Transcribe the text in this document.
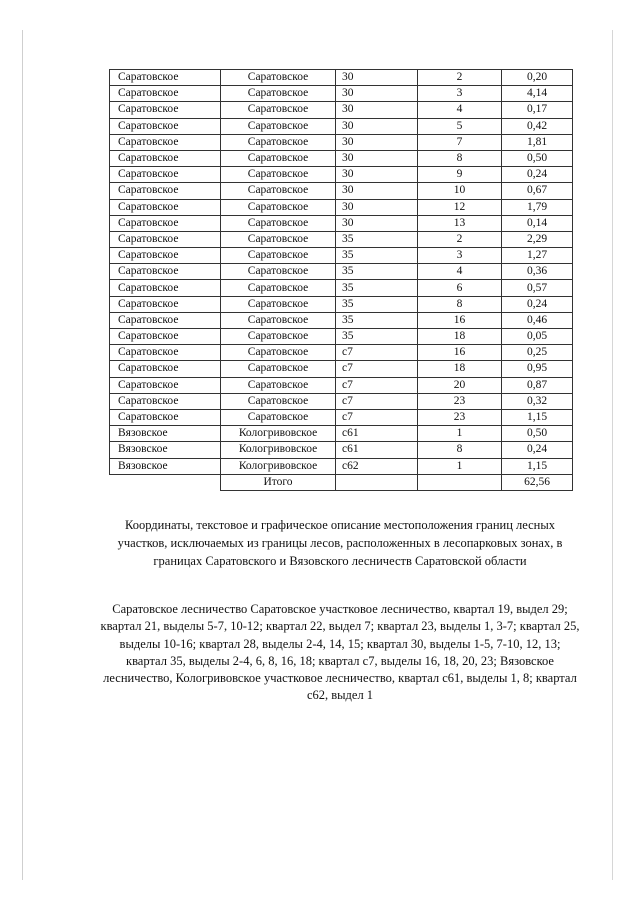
Саратовское	Саратовское	30	2	0,20
Саратовское	Саратовское	30	3	4,14
Саратовское	Саратовское	30	4	0,17
Саратовское	Саратовское	30	5	0,42
Саратовское	Саратовское	30	7	1,81
Саратовское	Саратовское	30	8	0,50
Саратовское	Саратовское	30	9	0,24
Саратовское	Саратовское	30	10	0,67
Саратовское	Саратовское	30	12	1,79
Саратовское	Саратовское	30	13	0,14
Саратовское	Саратовское	35	2	2,29
Саратовское	Саратовское	35	3	1,27
Саратовское	Саратовское	35	4	0,36
Саратовское	Саратовское	35	6	0,57
Саратовское	Саратовское	35	8	0,24
Саратовское	Саратовское	35	16	0,46
Саратовское	Саратовское	35	18	0,05
Саратовское	Саратовское	с7	16	0,25
Саратовское	Саратовское	с7	18	0,95
Саратовское	Саратовское	с7	20	0,87
Саратовское	Саратовское	с7	23	0,32
Саратовское	Саратовское	с7	23	1,15
Вязовское	Кологривовское	с61	1	0,50
Вязовское	Кологривовское	с61	8	0,24
Вязовское	Кологривовское	с62	1	1,15
	Итого			62,56
Координаты, текстовое и графическое описание местоположения границ лесных участков, исключаемых из границы лесов, расположенных в лесопарковых зонах, в границах Саратовского и Вязовского лесничеств Саратовской области
Саратовское лесничество Саратовское участковое лесничество, квартал 19, выдел 29; квартал 21, выделы 5-7, 10-12; квартал 22, выдел 7; квартал 23, выделы 1, 3-7; квартал 25, выделы 10-16; квартал 28, выделы 2-4, 14, 15; квартал 30, выделы 1-5, 7-10, 12, 13; квартал 35, выделы 2-4, 6, 8, 16, 18; квартал с7, выделы 16, 18, 20, 23; Вязовское лесничество, Кологривовское участковое лесничество, квартал с61, выделы 1, 8; квартал с62, выдел 1
